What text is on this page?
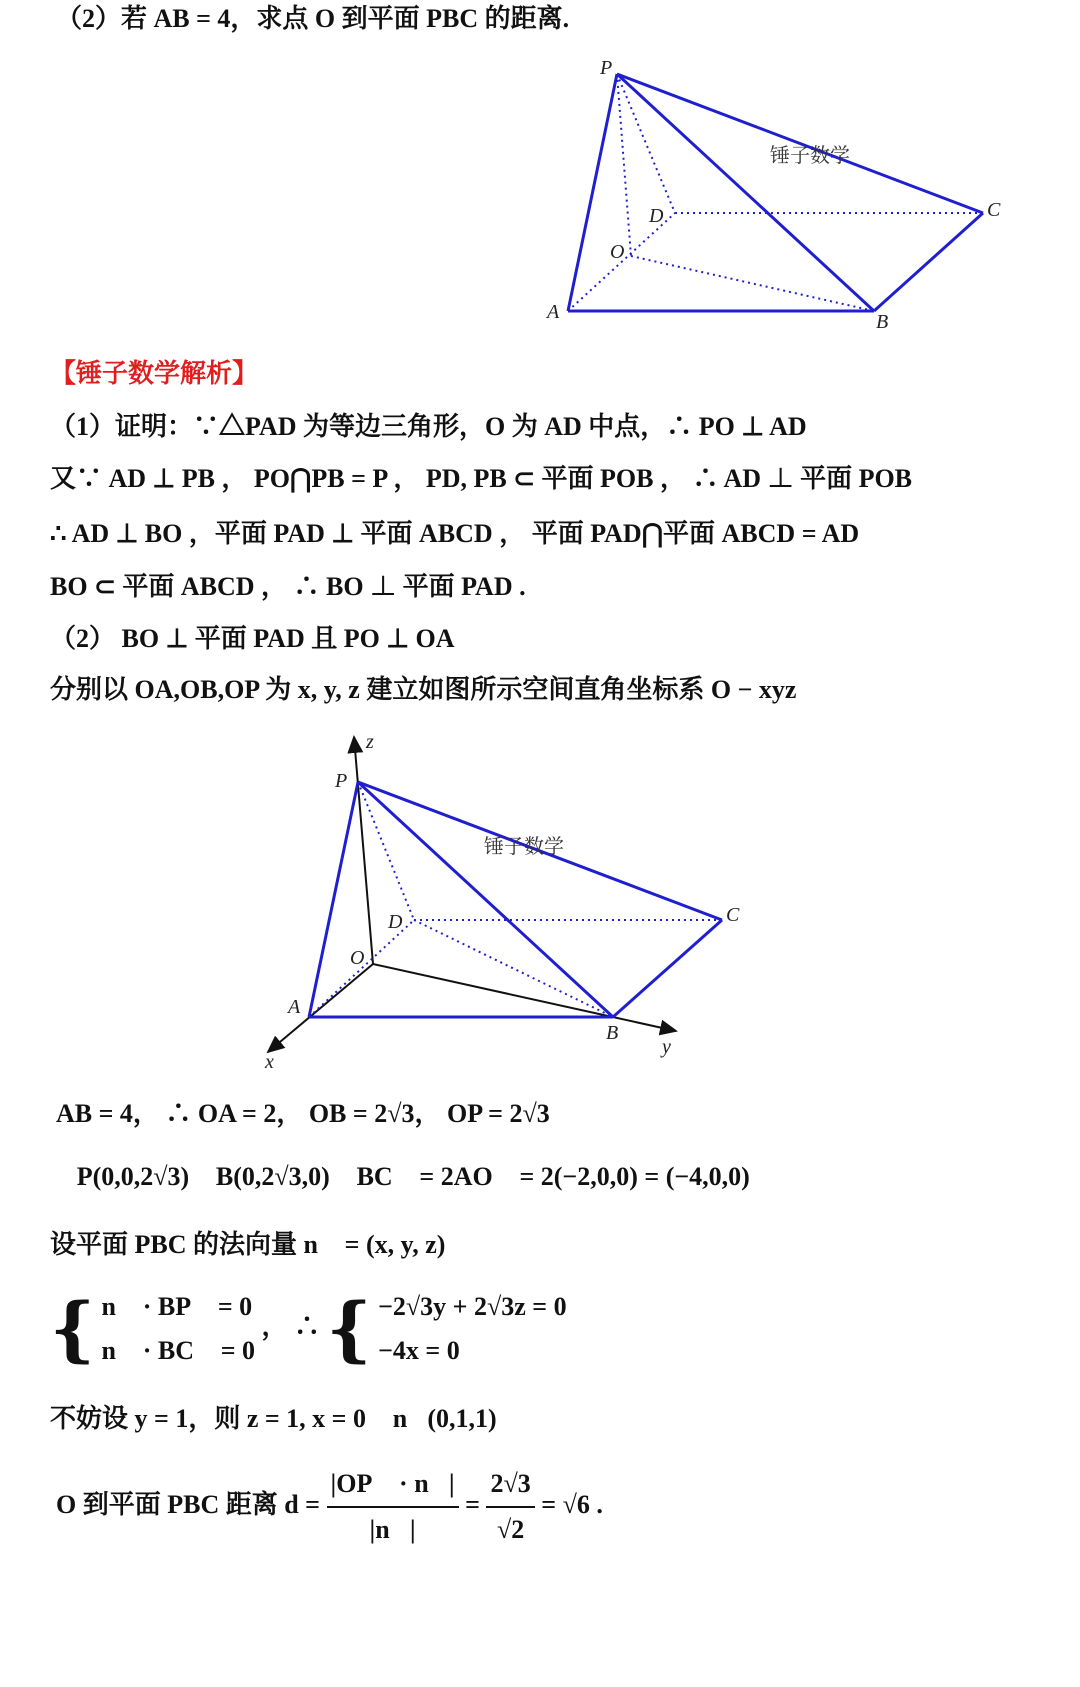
（2）若 AB = 4，求点 O 到平面 PBC 的距离.
锤子数学
P
C
D
O
A	B
【锤子数学解析】
（1）证明：∵△PAD 为等边三角形，O 为 AD 中点，∴ PO ⊥ AD
又∵ AD ⊥ PB ， PO⋂PB = P ， PD, PB ⊂ 平面 POB ， ∴ AD ⊥ 平面 POB
∴ AD ⊥ BO ，平面 PAD ⊥ 平面 ABCD ， 平面 PAD⋂平面 ABCD = AD
BO ⊂ 平面 ABCD ， ∴ BO ⊥ 平面 PAD .
（2） BO ⊥ 平面 PAD 且 PO ⊥ OA
分别以 OA,OB,OP 为 x, y, z 建立如图所示空间直角坐标系 O − xyz
锤子数学
z
P
C
D
O
A
B
x
y
AB = 4， ∴ OA = 2， OB = 2√3， OP = 2√3
∴ P(0,0,2√3)， B(0,2√3,0)， BC⃗ = 2AO⃗ = 2(−2,0,0) = (−4,0,0)
设平面 PBC 的法向量 n⃗ = (x, y, z)
{ n⃗ · BP⃗ = 0
n⃗ · BC⃗ = 0
， ∴ { −2√3y + 2√3z = 0
−4x = 0
不妨设 y = 1，则 z = 1, x = 0， n⃗(0,1,1)
O 到平面 PBC 距离 $d = \frac{|OP⃗ \cdot n⃗|}{|n⃗|} = \frac{2√3}{√2} = √6$ .
